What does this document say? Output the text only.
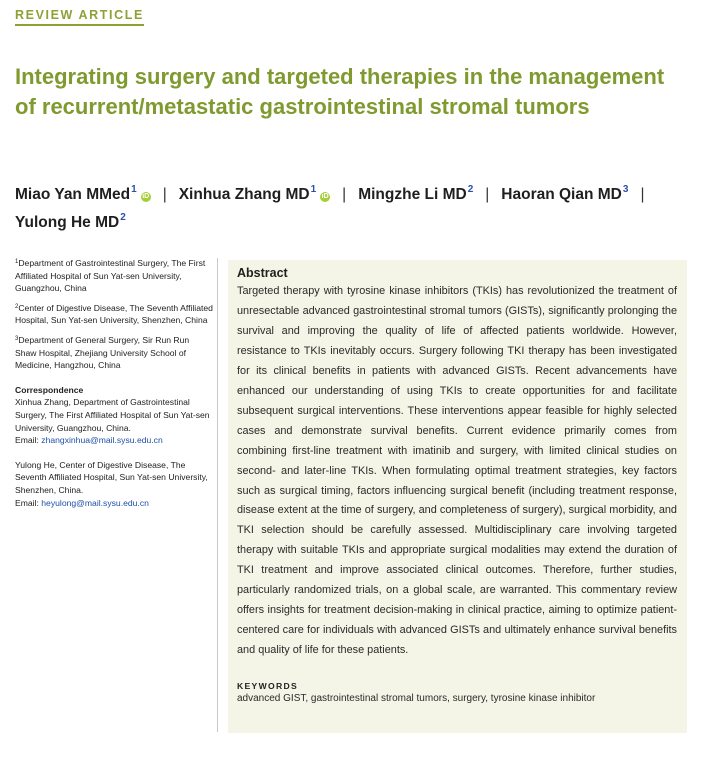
REVIEW ARTICLE
Integrating surgery and targeted therapies in the management of recurrent/metastatic gastrointestinal stromal tumors
Miao Yan MMed$^1$iD | Xinhua Zhang $MD^1iD$ | Mingzhe Li $MD^2$ | Haoran Qian $MD^3$ |
Yulong He $MD^2$
$^1$Department of Gastrointestinal Surgery, The First Affiliated Hospital of Sun Yat-sen University, Guangzhou, China
$^2$Center of Digestive Disease, The Seventh Affiliated Hospital, Sun Yat-sen University, Shenzhen, China
$^3$Department of General Surgery, Sir Run Run Shaw Hospital, Zhejiang University School of Medicine, Hangzhou, China
Correspondence

Xinhua Zhang, Department of Gastrointestinal Surgery, The First Affiliated Hospital of Sun Yat-sen University, Guangzhou, China.

Email: zhangxinhua@mail.sysu.edu.cn

Yulong He, Center of Digestive Disease, The Seventh Affiliated Hospital, Sun Yat-sen University, Shenzhen, China.

Email: heyulong@mail.sysu.edu.cn

Abstract

Targeted therapy with tyrosine kinase inhibitors (TKIs) has revolutionized the treatment of unresectable advanced gastrointestinal stromal tumors (GISTs), significantly prolonging the survival and improving the quality of life of affected patients worldwide. However, resistance to TKIs inevitably occurs. Surgery following TKI therapy has been investigated for its clinical benefits in patients with advanced GISTs. Recent advancements have enhanced our understanding of using TKIs to create opportunities for and facilitate subsequent surgical interventions. These interventions appear feasible for highly selected cases and demonstrate survival benefits. Current evidence primarily comes from combining first-line treatment with imatinib and surgery, with limited clinical studies on second- and later-line TKIs. When formulating optimal treatment strategies, key factors such as surgical timing, factors influencing surgical benefit (including treatment response, disease extent at the time of surgery, and completeness of surgery), surgical morbidity, and TKI selection should be carefully assessed. Multidisciplinary care involving targeted therapy with suitable TKIs and appropriate surgical modalities may extend the duration of TKI treatment and improve associated clinical outcomes. Therefore, further studies, particularly randomized trials, on a global scale, are warranted. This commentary review offers insights for treatment decision-making in clinical practice, aiming to optimize patient-centered care for individuals with advanced GISTs and ultimately enhance survival benefits and quality of life for these patients.

KEYWORDS
advanced GIST, gastrointestinal stromal tumors, surgery, tyrosine kinase inhibitor
